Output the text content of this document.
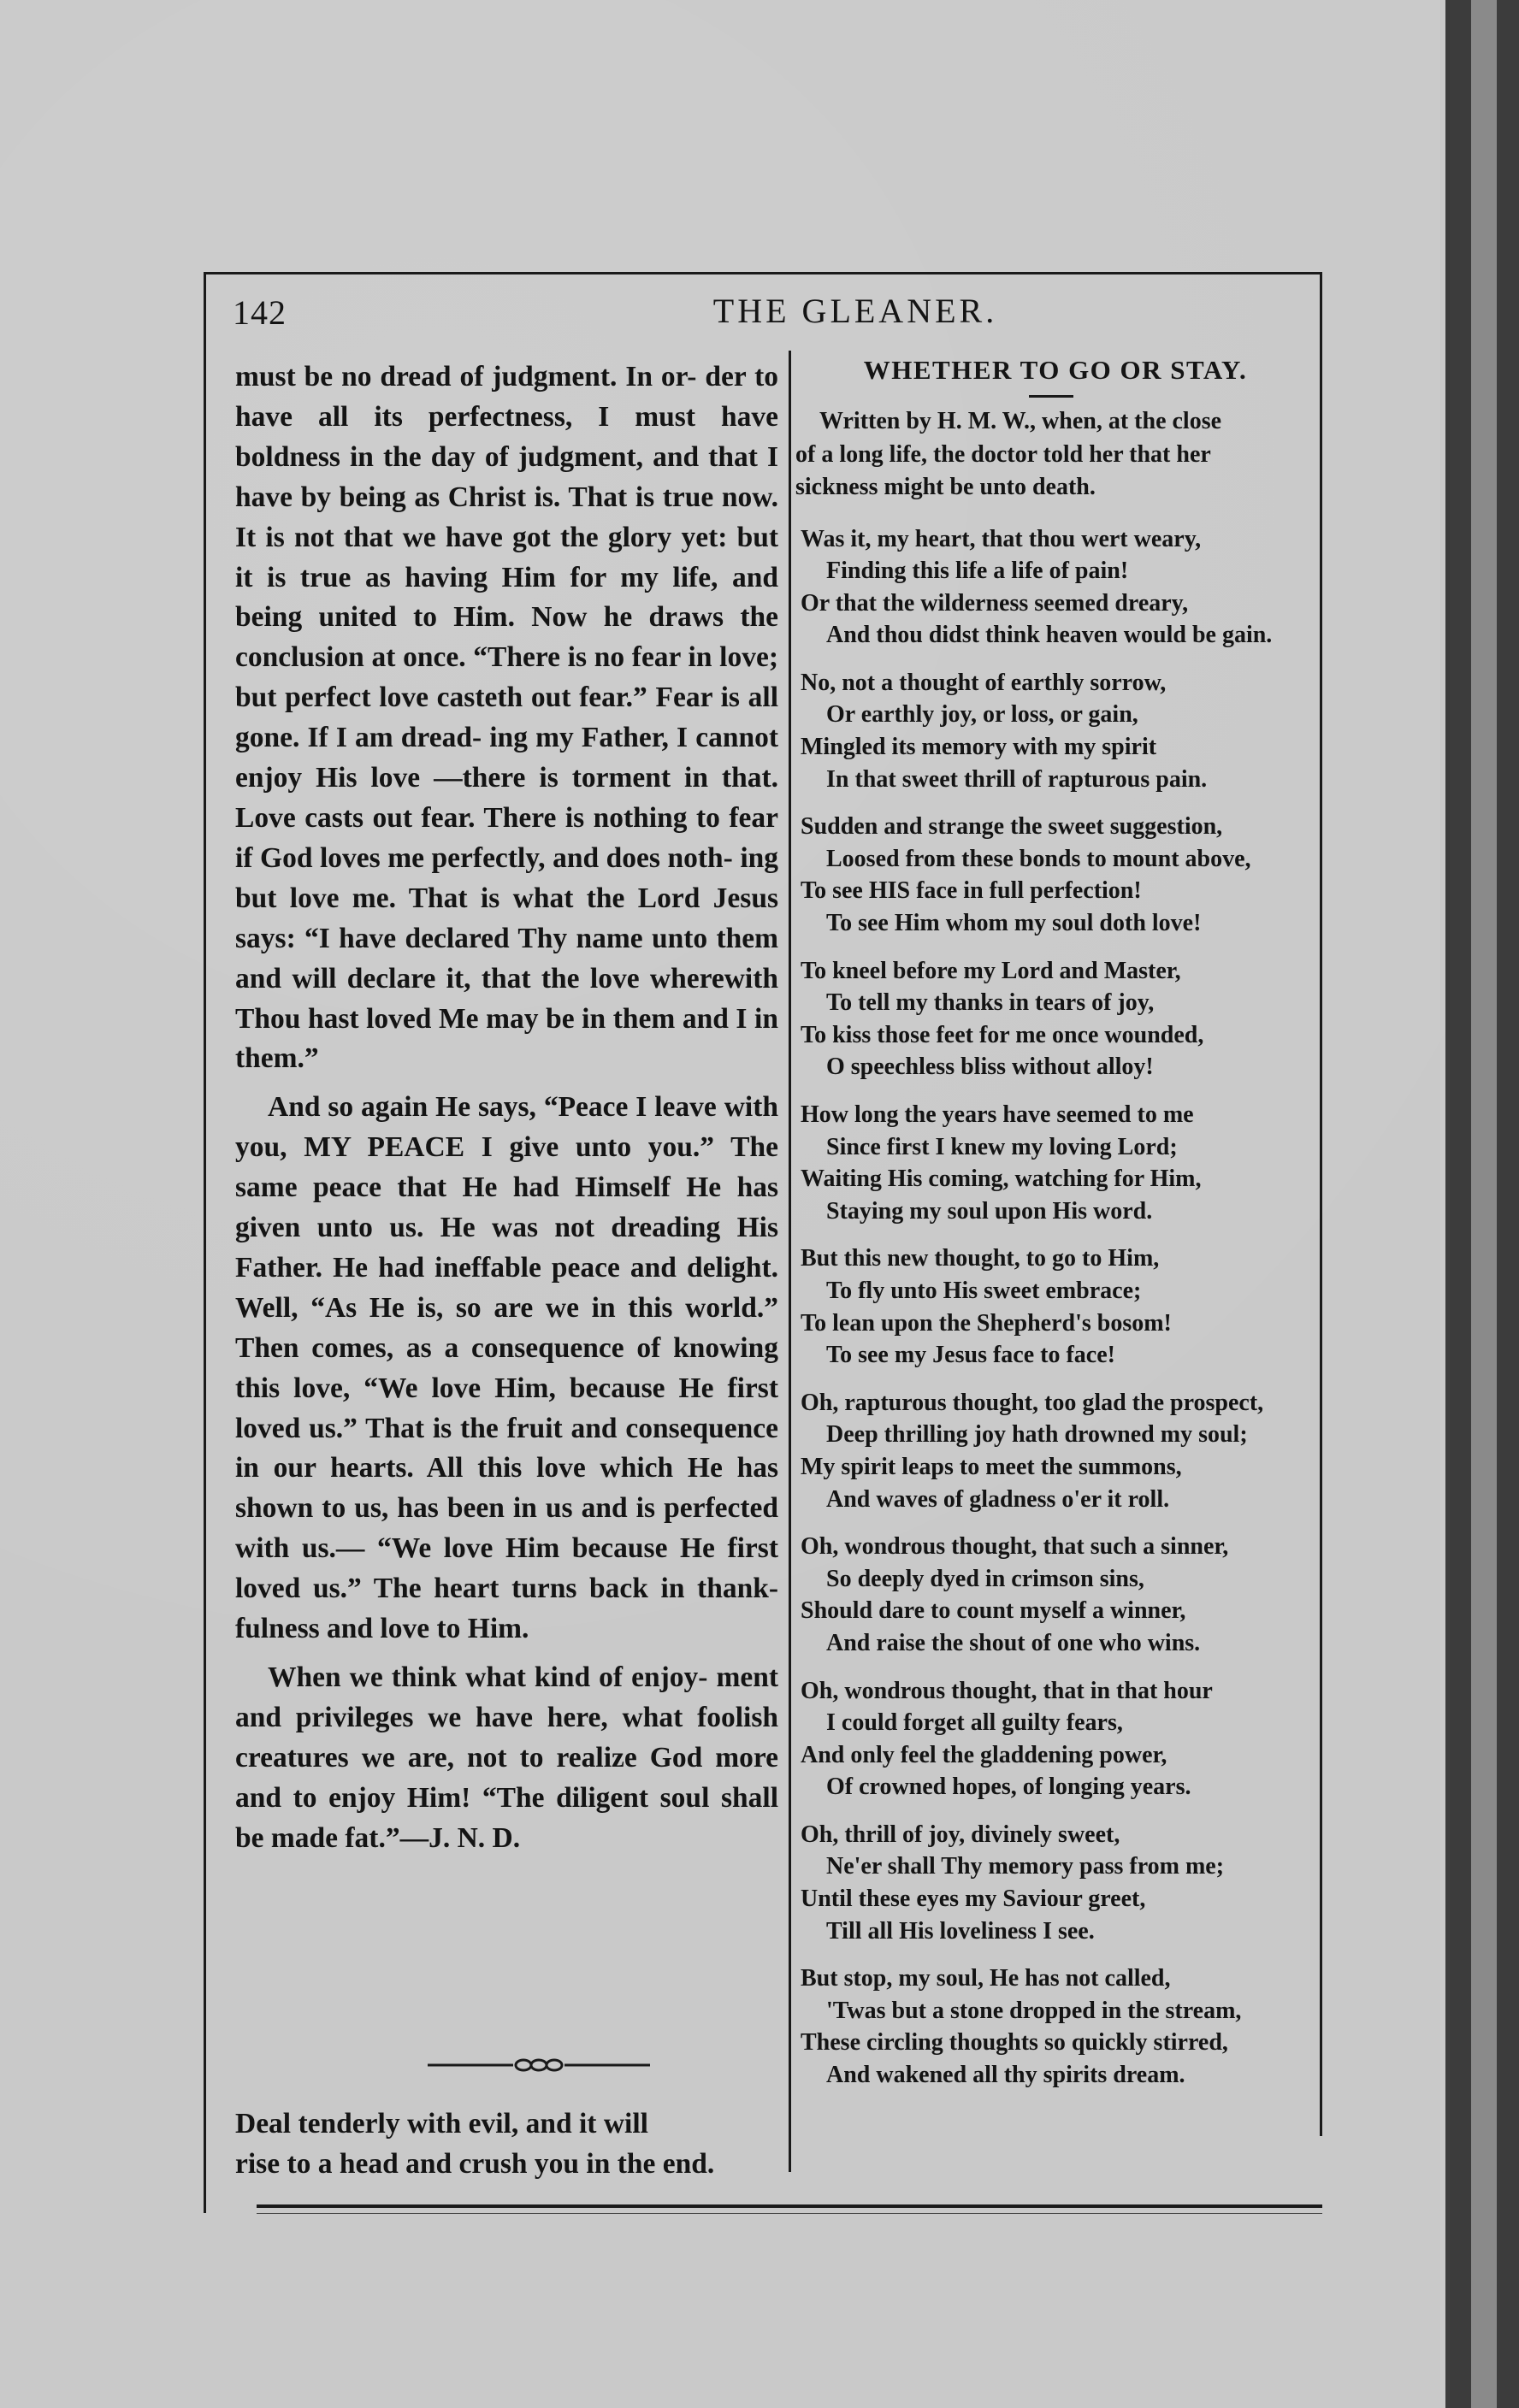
142	THE GLEANER.

must be no dread of judgment. In or- der to have all its perfectness, I must have boldness in the day of judgment, and that I have by being as Christ is. That is true now. It is not that we have got the glory yet: but it is true as having Him for my life, and being united to Him. Now he draws the conclusion at once. “There is no fear in love; but perfect love casteth out fear.” Fear is all gone. If I am dread- ing my Father, I cannot enjoy His love —there is torment in that. Love casts out fear. There is nothing to fear if God loves me perfectly, and does noth- ing but love me. That is what the Lord Jesus says: “I have declared Thy name unto them and will declare it, that the love wherewith Thou hast loved Me may be in them and I in them.”

And so again He says, “Peace I leave with you, MY PEACE I give unto you.” The same peace that He had Himself He has given unto us. He was not dreading His Father. He had ineffable peace and delight. Well, “As He is, so are we in this world.” Then comes, as a consequence of knowing this love, “We love Him, because He first loved us.” That is the fruit and consequence in our hearts. All this love which He has shown to us, has been in us and is perfected with us.— “We love Him because He first loved us.” The heart turns back in thank- fulness and love to Him.

When we think what kind of enjoy- ment and privileges we have here, what foolish creatures we are, not to realize God more and to enjoy Him! “The diligent soul shall be made fat.”—J. N. D.

Deal tenderly with evil, and it will
rise to a head and crush you in the end.
WHETHER TO GO OR STAY.
Written by H. M. W., when, at the close
of a long life, the doctor told her that her
sickness might be unto death.
Was it, my heart, that thou wert weary,
Finding this life a life of pain!
Or that the wilderness seemed dreary,
And thou didst think heaven would be gain.
No, not a thought of earthly sorrow,
Or earthly joy, or loss, or gain,
Mingled its memory with my spirit
In that sweet thrill of rapturous pain.
Sudden and strange the sweet suggestion,
Loosed from these bonds to mount above,
To see HIS face in full perfection!
To see Him whom my soul doth love!
To kneel before my Lord and Master,
To tell my thanks in tears of joy,
To kiss those feet for me once wounded,
O speechless bliss without alloy!
How long the years have seemed to me
Since first I knew my loving Lord;
Waiting His coming, watching for Him,
Staying my soul upon His word.
But this new thought, to go to Him,
To fly unto His sweet embrace;
To lean upon the Shepherd's bosom!
To see my Jesus face to face!
Oh, rapturous thought, too glad the prospect,
Deep thrilling joy hath drowned my soul;
My spirit leaps to meet the summons,
And waves of gladness o'er it roll.
Oh, wondrous thought, that such a sinner,
So deeply dyed in crimson sins,
Should dare to count myself a winner,
And raise the shout of one who wins.
Oh, wondrous thought, that in that hour
I could forget all guilty fears,
And only feel the gladdening power,
Of crowned hopes, of longing years.
Oh, thrill of joy, divinely sweet,
Ne'er shall Thy memory pass from me;
Until these eyes my Saviour greet,
Till all His loveliness I see.
But stop, my soul, He has not called,
'Twas but a stone dropped in the stream,
These circling thoughts so quickly stirred,
And wakened all thy spirits dream.
